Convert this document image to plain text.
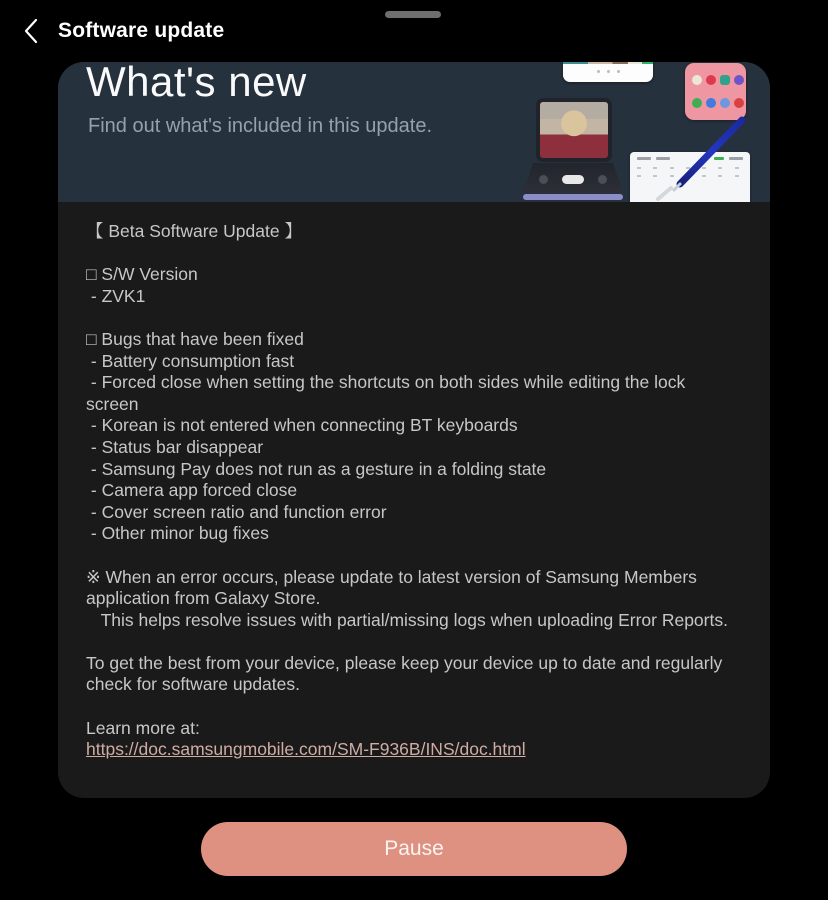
Software update
What's new

Find out what's included in this update.

【 Beta Software Update 】
□ S/W Version
- ZVK1
□ Bugs that have been fixed
- Battery consumption fast
- Forced close when setting the shortcuts on both sides while editing the lock screen
- Korean is not entered when connecting BT keyboards
- Status bar disappear
- Samsung Pay does not run as a gesture in a folding state
- Camera app forced close
- Cover screen ratio and function error
- Other minor bug fixes
※ When an error occurs, please update to latest version of Samsung Members application from Galaxy Store.
This helps resolve issues with partial/missing logs when uploading Error Reports.
To get the best from your device, please keep your device up to date and regularly check for software updates.
Learn more at:
https://doc.samsungmobile.com/SM-F936B/INS/doc.html
Pause
